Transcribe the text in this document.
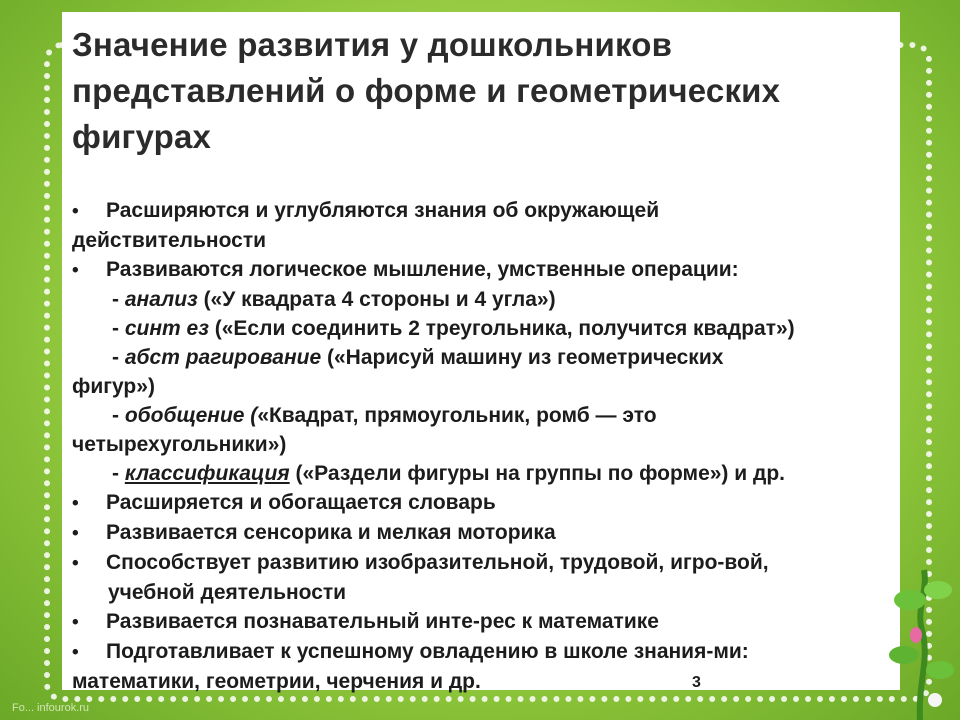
Значение развития у дошкольников представлений о форме и геометрических фигурах
• Расширяются и углубляются знания об окружающей
действительности
• Развиваются логическое мышление, умственные операции:
- анализ («У квадрата 4 стороны и 4 угла»)
- синт ез («Если соединить 2 треугольника, получится квадрат»)
- абст рагирование («Нарисуй машину из геометрических
фигур»)
- обобщение («Квадрат, прямоугольник, ромб — это
четырехугольники»)
- классификация («Раздели фигуры на группы по форме») и др.
• Расширяется и обогащается словарь
• Развивается сенсорика и мелкая моторика
• Способствует развитию изобразительной, трудовой, игро-вой,
учебной деятельности
• Развивается познавательный инте-рес к математике
• Подготавливает к успешному овладению в школе знания-ми:
математики, геометрии, черчения и др.	3
Fo... infourok.ru
